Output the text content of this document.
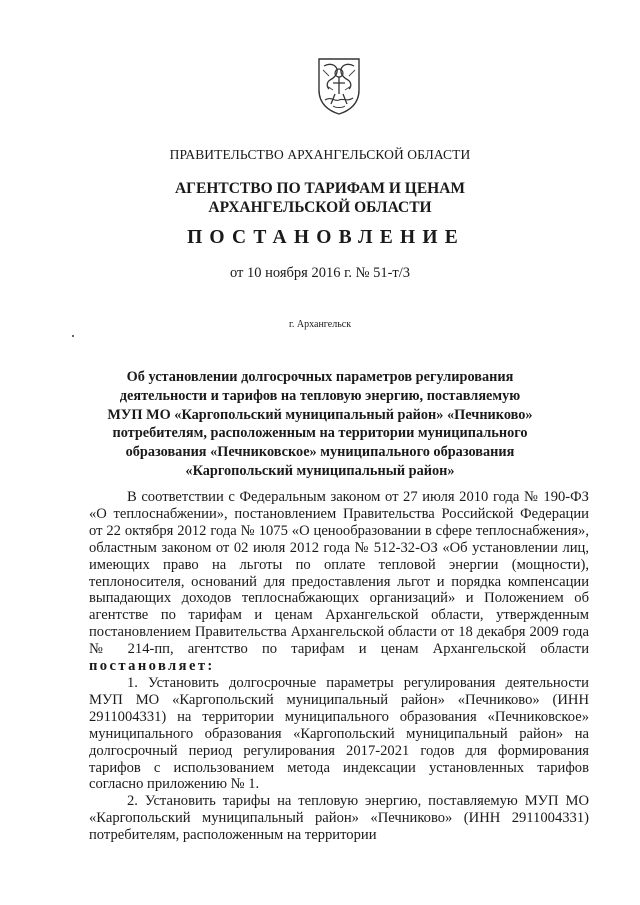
ПРАВИТЕЛЬСТВО АРХАНГЕЛЬСКОЙ ОБЛАСТИ
АГЕНТСТВО ПО ТАРИФАМ И ЦЕНАМ
АРХАНГЕЛЬСКОЙ ОБЛАСТИ
ПОСТАНОВЛЕНИЕ
от 10 ноября 2016 г. № 51-т/3
г. Архангельск
Об установлении долгосрочных параметров регулирования
деятельности и тарифов на тепловую энергию, поставляемую
МУП МО «Каргопольский муниципальный район» «Печниково»
потребителям, расположенным на территории муниципального
образования «Печниковское» муниципального образования
«Каргопольский муниципальный район»

В соответствии с Федеральным законом от 27 июля 2010 года № 190-ФЗ «О теплоснабжении», постановлением Правительства Российской Федерации от 22 октября 2012 года № 1075 «О ценообразовании в сфере теплоснабжения», областным законом от 02 июля 2012 года № 512-32-ОЗ «Об установлении лиц, имеющих право на льготы по оплате тепловой энергии (мощности), теплоносителя, оснований для предоставления льгот и порядка компенсации выпадающих доходов теплоснабжающих организаций» и Положением об агентстве по тарифам и ценам Архангельской области, утвержденным постановлением Правительства Архангельской области от 18 декабря 2009 года № 214-пп, агентство по тарифам и ценам Архангельской области постановляет:

1. Установить долгосрочные параметры регулирования деятельности МУП МО «Каргопольский муниципальный район» «Печниково» (ИНН 2911004331) на территории муниципального образования «Печниковское» муниципального образования «Каргопольский муниципальный район» на долгосрочный период регулирования 2017-2021 годов для формирования тарифов с использованием метода индексации установленных тарифов согласно приложению № 1.

2. Установить тарифы на тепловую энергию, поставляемую МУП МО «Каргопольский муниципальный район» «Печниково» (ИНН 2911004331) потребителям, расположенным на территории
